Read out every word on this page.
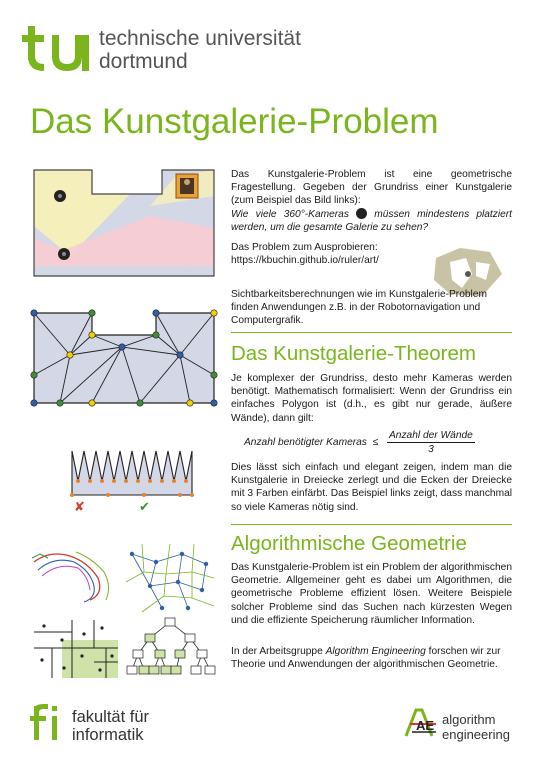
technische universität
dortmund
Das Kunstgalerie-Problem
✘	✔

Das Kunstgalerie-Problem ist eine geometrische Fragestellung. Gegeben der Grundriss einer Kunstgalerie (zum Beispiel das Bild links):
Wie viele 360°-Kameras müssen mindestens platziert werden, um die gesamte Galerie zu sehen?

Das Problem zum Ausprobieren:
https://kbuchin.github.io/ruler/art/
Sichtbarkeitsberechnungen wie im Kunstgalerie-Problem finden Anwendungen z.B. in der Robotornavigation und Computergrafik.
Das Kunstgalerie-Theorem
Je komplexer der Grundriss, desto mehr Kameras werden benötigt. Mathematisch formalisiert: Wenn der Grundriss ein einfaches Polygon ist (d.h., es gibt nur gerade, äußere Wände), dann gilt:
Anzahl benötigter Kameras ≤ $\frac{\text{Anzahl der Wände}}{3}$
Dies lässt sich einfach und elegant zeigen, indem man die Kunstgalerie in Dreiecke zerlegt und die Ecken der Dreiecke mit 3 Farben einfärbt. Das Beispiel links zeigt, dass manchmal so viele Kameras nötig sind.
Algorithmische Geometrie
Das Kunstgalerie-Problem ist ein Problem der algorithmischen Geometrie. Allgemeiner geht es dabei um Algorithmen, die geometrische Probleme effizient lösen. Weitere Beispiele solcher Probleme sind das Suchen nach kürzesten Wegen und die effiziente Speicherung räumlicher Information.
In der Arbeitsgruppe Algorithm Engineering forschen wir zur Theorie und Anwendungen der algorithmischen Geometrie.
fakultät für
informatik
AE algorithm
engineering
